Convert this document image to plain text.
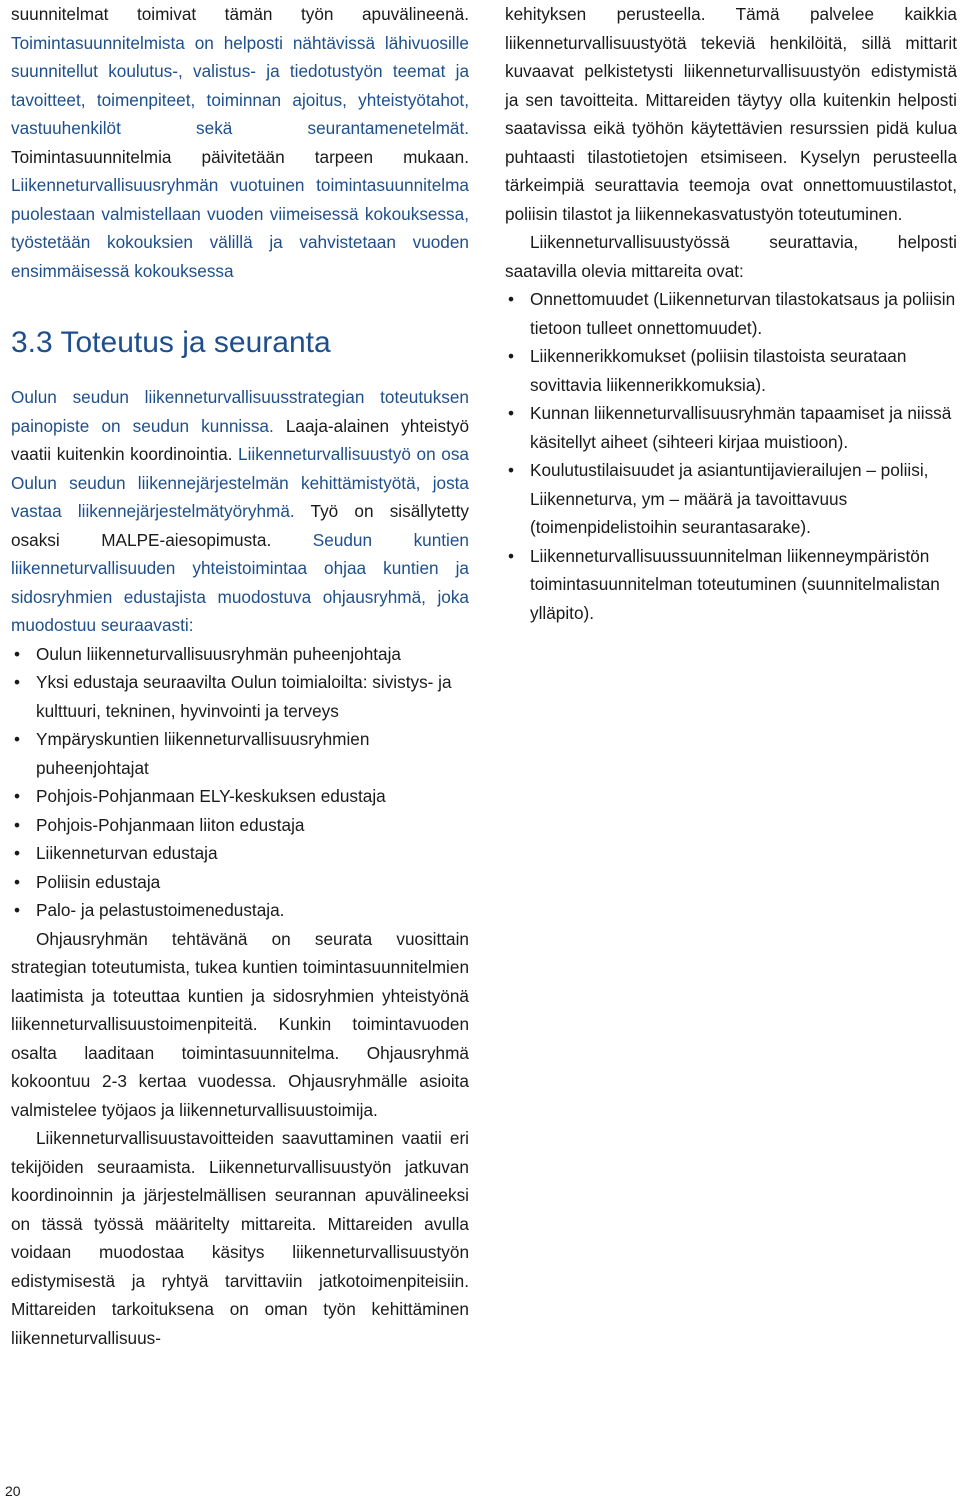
suunnitelmat toimivat tämän työn apuvälineenä. Toimintasuunnitelmista on helposti nähtävissä lähivuosille suunnitellut koulutus-, valistus- ja tiedotustyön teemat ja tavoitteet, toimenpiteet, toiminnan ajoitus, yhteistyötahot, vastuuhenkilöt sekä seurantamenetelmät. Toimintasuunnitelmia päivitetään tarpeen mukaan. Liikenneturvallisuusryhmän vuotuinen toimintasuunnitelma puolestaan valmistellaan vuoden viimeisessä kokouksessa, työstetään kokouksien välillä ja vahvistetaan vuoden ensimmäisessä kokouksessa

3.3 Toteutus ja seuranta

Oulun seudun liikenneturvallisuusstrategian toteutuksen painopiste on seudun kunnissa. Laaja-alainen yhteistyö vaatii kuitenkin koordinointia. Liikenneturvallisuustyö on osa Oulun seudun liikennejärjestelmän kehittämistyötä, josta vastaa liikennejärjestelmätyöryhmä. Työ on sisällytetty osaksi MALPE-aiesopimusta. Seudun kuntien liikenneturvallisuuden yhteistoimintaa ohjaa kuntien ja sidosryhmien edustajista muodostuva ohjausryhmä, joka muodostuu seuraavasti:

• Oulun liikenneturvallisuusryhmän puheenjohtaja
• Yksi edustaja seuraavilta Oulun toimialoilta: sivistys- ja kulttuuri, tekninen, hyvinvointi ja terveys
• Ympäryskuntien liikenneturvallisuusryhmien puheenjohtajat
• Pohjois-Pohjanmaan ELY-keskuksen edustaja
• Pohjois-Pohjanmaan liiton edustaja
• Liikenneturvan edustaja
• Poliisin edustaja
• Palo- ja pelastustoimenedustaja.

Ohjausryhmän tehtävänä on seurata vuosittain strategian toteutumista, tukea kuntien toimintasuunnitelmien laatimista ja toteuttaa kuntien ja sidosryhmien yhteistyönä liikenneturvallisuustoimenpiteitä. Kunkin toimintavuoden osalta laaditaan toimintasuunnitelma. Ohjausryhmä kokoontuu 2-3 kertaa vuodessa. Ohjausryhmälle asioita valmistelee työjaos ja liikenneturvallisuustoimija.

Liikenneturvallisuustavoitteiden saavuttaminen vaatii eri tekijöiden seuraamista. Liikenneturvallisuustyön jatkuvan koordinoinnin ja järjestelmällisen seurannan apuvälineeksi on tässä työssä määritelty mittareita. Mittareiden avulla voidaan muodostaa käsitys liikenneturvallisuustyön edistymisestä ja ryhtyä tarvittaviin jatkotoimenpiteisiin. Mittareiden tarkoituksena on oman työn kehittäminen liikenneturvallisuus-

kehityksen perusteella. Tämä palvelee kaikkia liikenneturvallisuustyötä tekeviä henkilöitä, sillä mittarit kuvaavat pelkistetysti liikenneturvallisuustyön edistymistä ja sen tavoitteita. Mittareiden täytyy olla kuitenkin helposti saatavissa eikä työhön käytettävien resurssien pidä kulua puhtaasti tilastotietojen etsimiseen. Kyselyn perusteella tärkeimpiä seurattavia teemoja ovat onnettomuustilastot, poliisin tilastot ja liikennekasvatustyön toteutuminen.

Liikenneturvallisuustyössä seurattavia, helposti saatavilla olevia mittareita ovat:

• Onnettomuudet (Liikenneturvan tilastokatsaus ja poliisin tietoon tulleet onnettomuudet).
• Liikennerikkomukset (poliisin tilastoista seurataan sovittavia liikennerikkomuksia).
• Kunnan liikenneturvallisuusryhmän tapaamiset ja niissä käsitellyt aiheet (sihteeri kirjaa muistioon).
• Koulutustilaisuudet ja asiantuntijavierailujen – poliisi, Liikenneturva, ym – määrä ja tavoittavuus (toimenpidelistoihin seurantasarake).
• Liikenneturvallisuussuunnitelman liikenneympäristön toimintasuunnitelman toteutuminen (suunnitelmalistan ylläpito).
20
